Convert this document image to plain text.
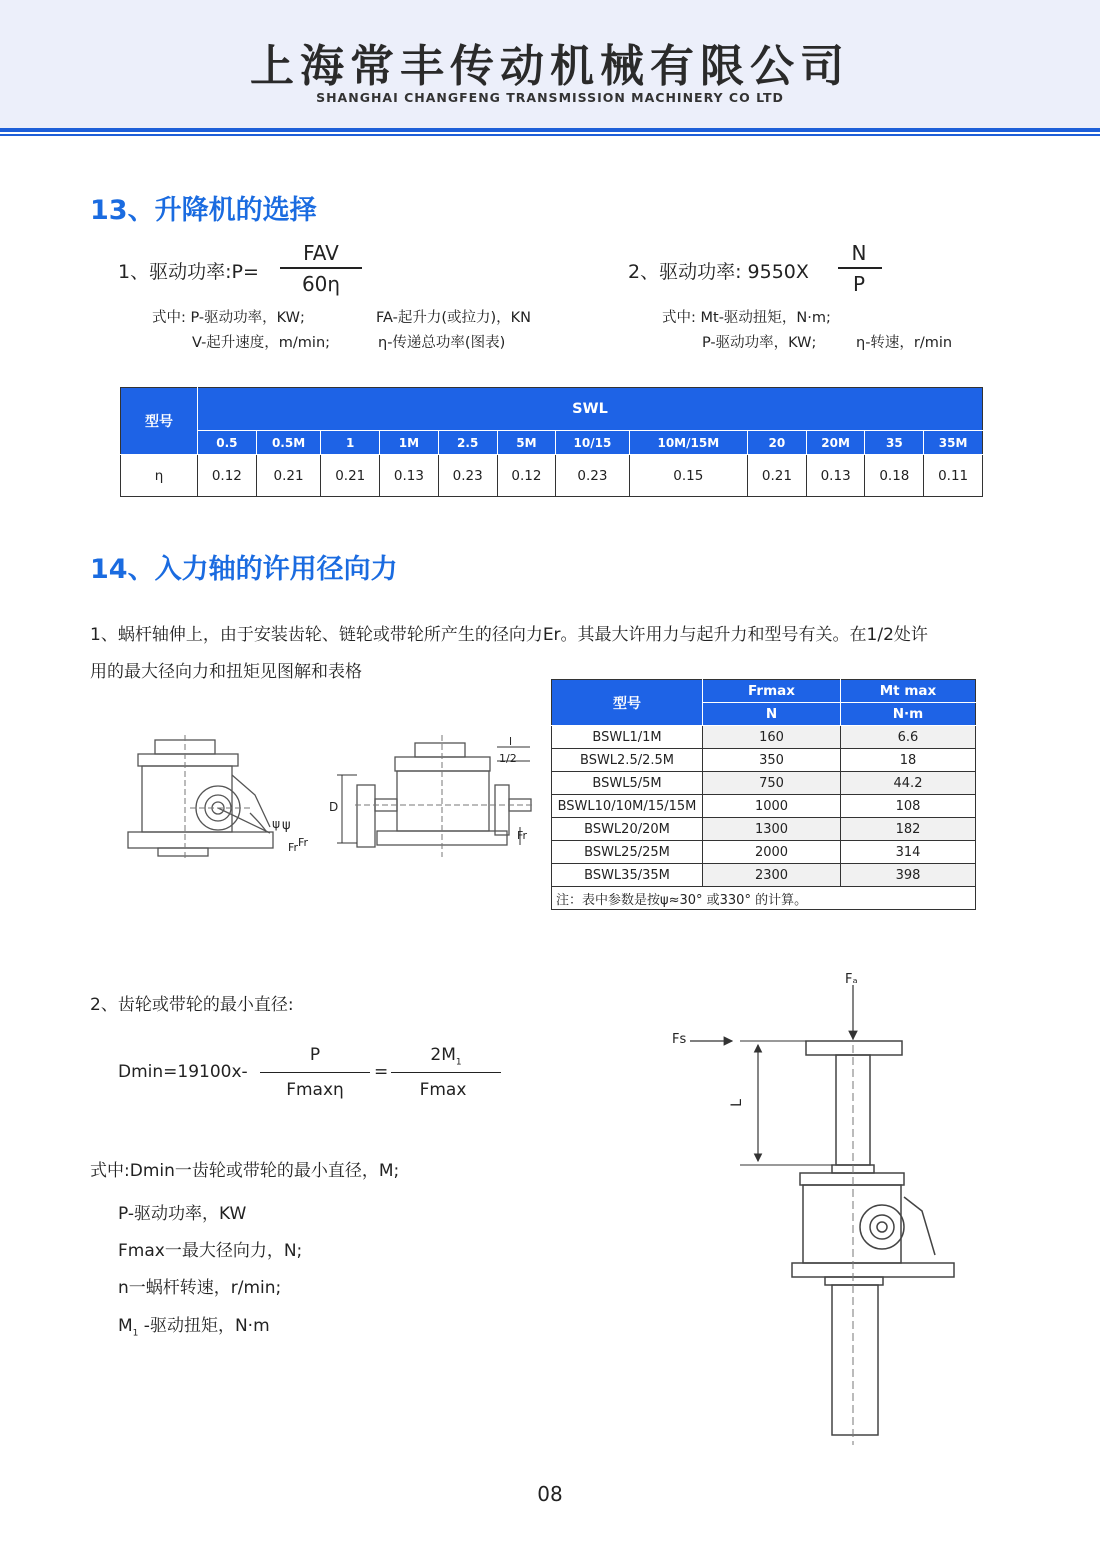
上海常丰传动机械有限公司
SHANGHAI CHANGFENG TRANSMISSION MACHINERY CO LTD
13、升降机的选择
1、驱动功率:P=
FAV
60η	2、驱动功率: 9550X
N
P
式中: P-驱动功率，KW;	FA-起升力(或拉力)，KN
V-起升速度，m/min;	η-传递总功率(图表)
式中: Mt-驱动扭矩，N·m;
P-驱动功率，KW;	η-转速，r/min
型号	SWL											
	0.5	0.5M	1	1M	2.5	5M	10/15	10M/15M	20	20M	35	35M
η	0.12	0.21	0.21	0.13	0.23	0.12	0.23	0.15	0.21	0.13	0.18	0.11
14、入力轴的许用径向力
1、蜗杆轴伸上，由于安装齿轮、链轮或带轮所产生的径向力Er。其最大许用力与起升力和型号有关。在1/2处许
用的最大径向力和扭矩见图解和表格
型号	Frmax	Mt max
	N	N·m
BSWL1/1M	160	6.6
BSWL2.5/2.5M	350	18
BSWL5/5M	750	44.2
BSWL10/10M/15/15M	1000	108
BSWL20/20M	1300	182
BSWL25/25M	2000	314
BSWL35/35M	2300	398
注：表中参数是按ψ≈30° 或330° 的计算。		
ψ
Fr
ψ
Fr
l
1/2
D
Fr
2、齿轮或带轮的最小直径:
Dmin=19100x-
P
Fmaxη
=
$2M_1$
Fmax
式中:Dmin一齿轮或带轮的最小直径，M;
P-驱动功率，KW
Fmax一最大径向力，N;
n一蜗杆转速，r/min;
$M_1$ -驱动扭矩，N·m
Fₐ
Fs
L
08
